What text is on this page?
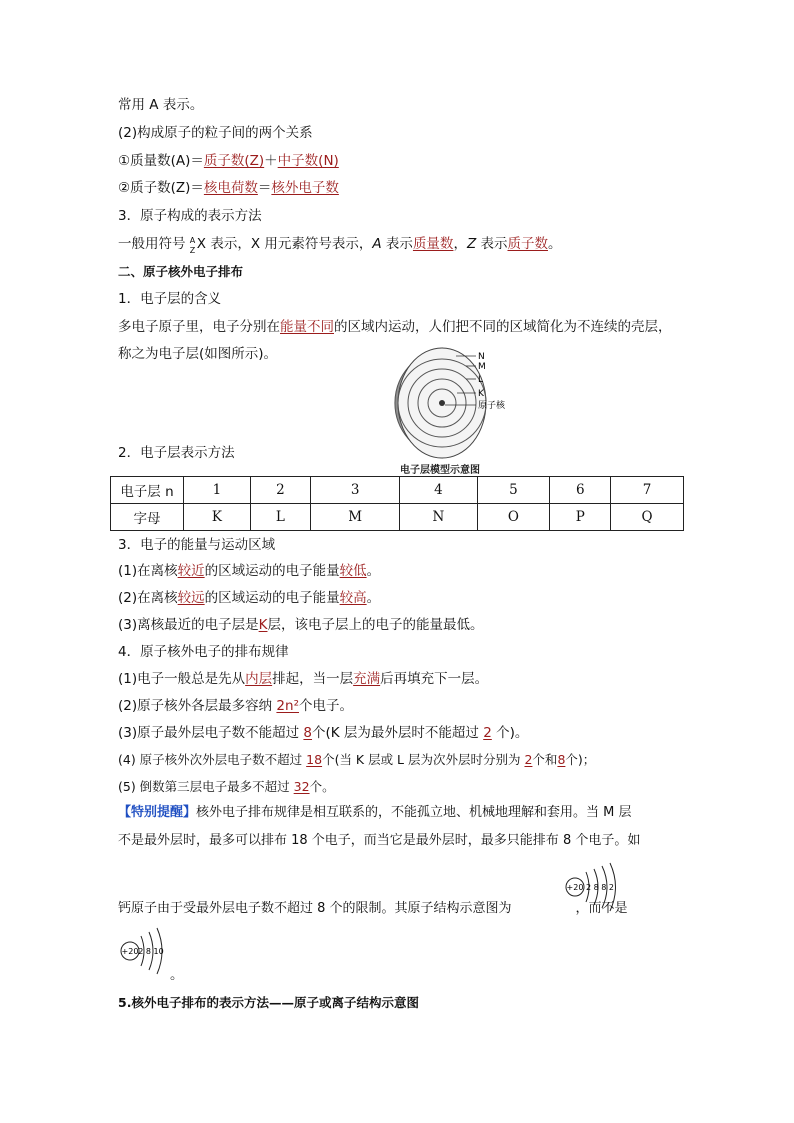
常用 A 表示。
(2)构成原子的粒子间的两个关系
①质量数(A)＝质子数(Z)＋中子数(N)
②质子数(Z)＝核电荷数＝核外电子数
3．原子构成的表示方法
一般用符号 A
Z X 表示，X 用元素符号表示，A 表示质量数，Z 表示质子数。
二、原子核外电子排布
1．电子层的含义
多电子原子里，电子分别在能量不同的区域内运动，人们把不同的区域简化为不连续的壳层，
称之为电子层(如图所示)。	N
M
L
K
原子核
2．电子层表示方法
电子层模型示意图
电子层 n	1	2	3	4	5	6	7
字母	K	L	M	N	O	P	Q
3．电子的能量与运动区域
(1)在离核较近的区域运动的电子能量较低。
(2)在离核较远的区域运动的电子能量较高。
(3)离核最近的电子层是K层，该电子层上的电子的能量最低。
4．原子核外电子的排布规律
(1)电子一般总是先从内层排起，当一层充满后再填充下一层。
(2)原子核外各层最多容纳 2n²个电子。
(3)原子最外层电子数不能超过 8个(K 层为最外层时不能超过 2 个)。
(4) 原子核外次外层电子数不超过 18个(当 K 层或 L 层为次外层时分别为 2个和8个)；
(5) 倒数第三层电子最多不超过 32个。
【特别提醒】核外电子排布规律是相互联系的，不能孤立地、机械地理解和套用。当 M 层
不是最外层时，最多可以排布 18 个电子，而当它是最外层时，最多只能排布 8 个电子。如
+20 2 8 8 2
钙原子由于受最外层电子数不超过 8 个的限制。其原子结构示意图为	，而不是
+20 2 8 10
。
5.核外电子排布的表示方法——原子或离子结构示意图
